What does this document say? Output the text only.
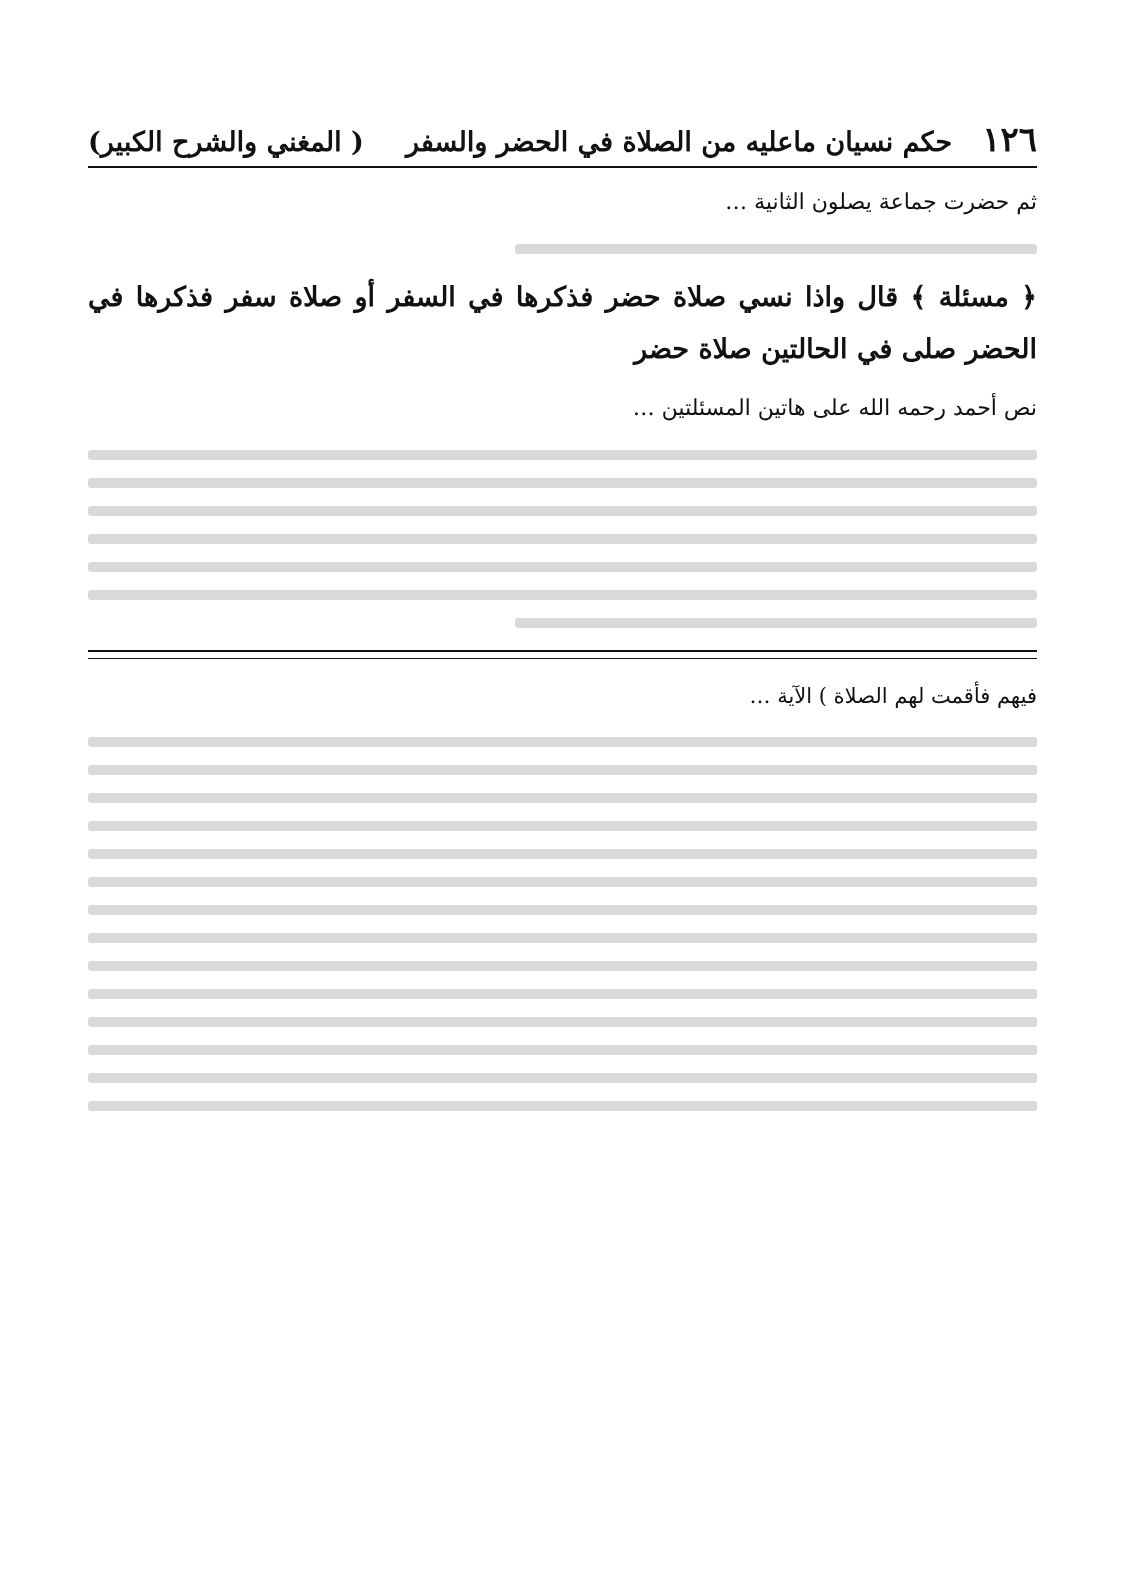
١٢٦
حكم نسيان ماعليه من الصلاة في الحضر والسفر
( المغني والشرح الكبير)
ثم حضرت جماعة يصلون الثانية …
﴿ مسئلة ﴾ قال واذا نسي صلاة حضر فذكرها في السفر أو صلاة سفر فذكرها في الحضر صلى في الحالتين صلاة حضر
نص أحمد رحمه الله على هاتين المسئلتين …
فيهم فأقمت لهم الصلاة ) الآية …
